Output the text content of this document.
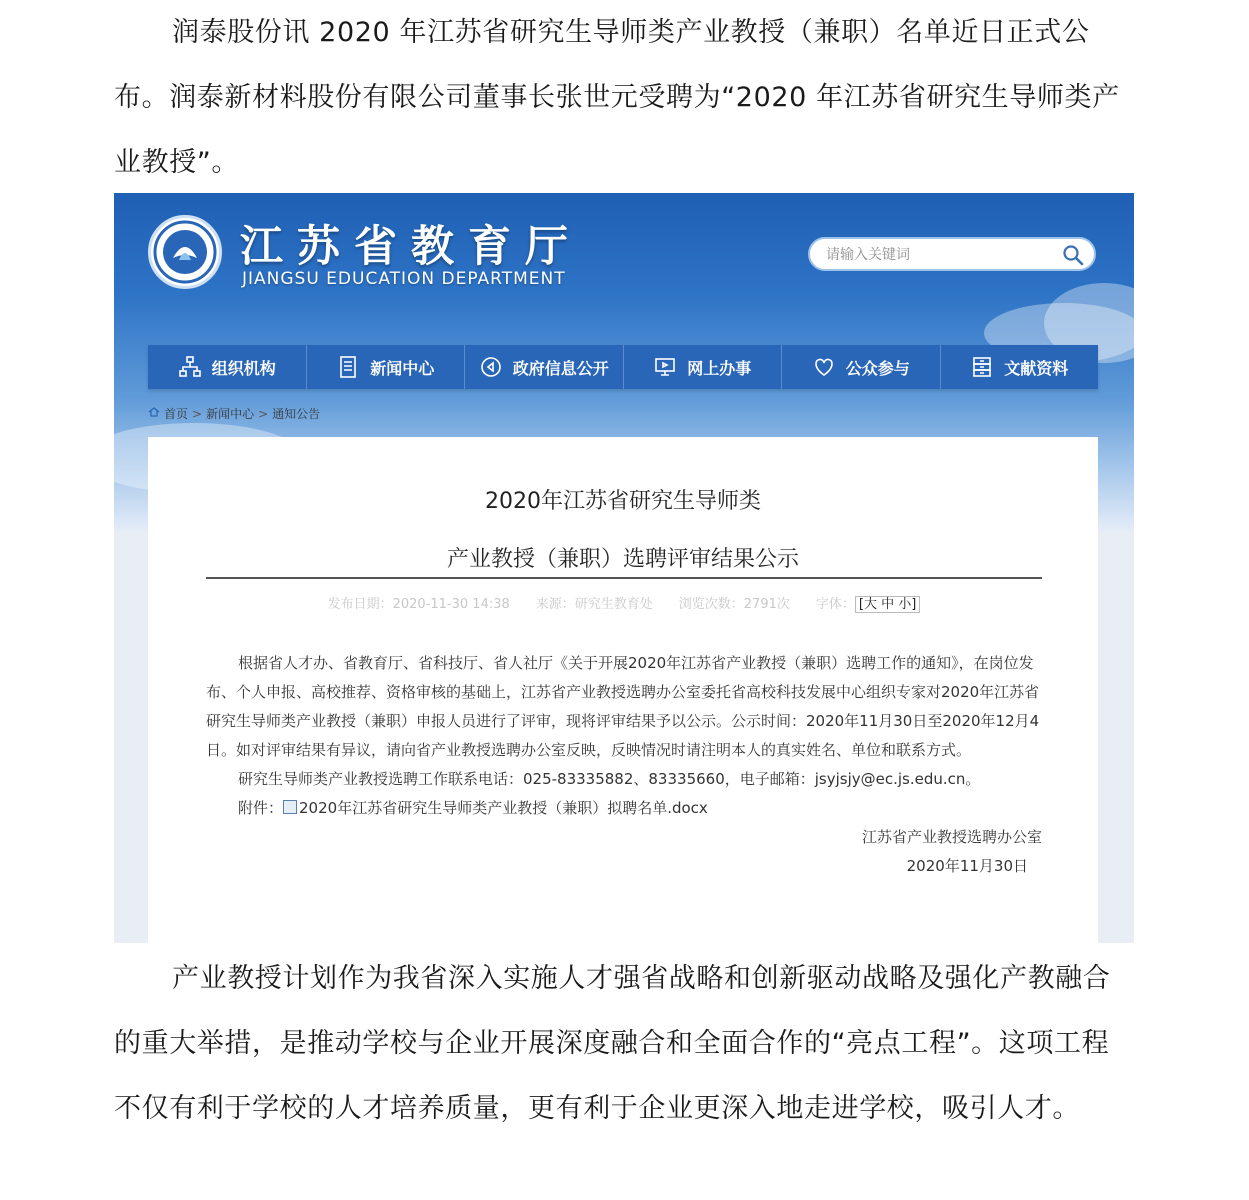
润泰股份讯 2020 年江苏省研究生导师类产业教授（兼职）名单近日正式公布。润泰新材料股份有限公司董事长张世元受聘为“2020 年江苏省研究生导师类产业教授”。

江苏省教育厅
JIANGSU EDUCATION DEPARTMENT
请输入关键词
组织机构	新闻中心	政府信息公开	网上办事	公众参与	文献资料
首页 > 新闻中心 > 通知公告
2020年江苏省研究生导师类
产业教授（兼职）选聘评审结果公示
发布日期：2020-11-30 14:38 来源：研究生教育处 浏览次数：2791次 字体： [大 中 小]

根据省人才办、省教育厅、省科技厅、省人社厅《关于开展2020年江苏省产业教授（兼职）选聘工作的通知》，在岗位发布、个人申报、高校推荐、资格审核的基础上，江苏省产业教授选聘办公室委托省高校科技发展中心组织专家对2020年江苏省研究生导师类产业教授（兼职）申报人员进行了评审，现将评审结果予以公示。公示时间：2020年11月30日至2020年12月4日。如对评审结果有异议，请向省产业教授选聘办公室反映，反映情况时请注明本人的真实姓名、单位和联系方式。

研究生导师类产业教授选聘工作联系电话：025-83335882、83335660，电子邮箱：jsyjsjy@ec.js.edu.cn。

附件： 2020年江苏省研究生导师类产业教授（兼职）拟聘名单.docx

江苏省产业教授选聘办公室

2020年11月30日

产业教授计划作为我省深入实施人才强省战略和创新驱动战略及强化产教融合的重大举措，是推动学校与企业开展深度融合和全面合作的“亮点工程”。这项工程不仅有利于学校的人才培养质量，更有利于企业更深入地走进学校，吸引人才。
